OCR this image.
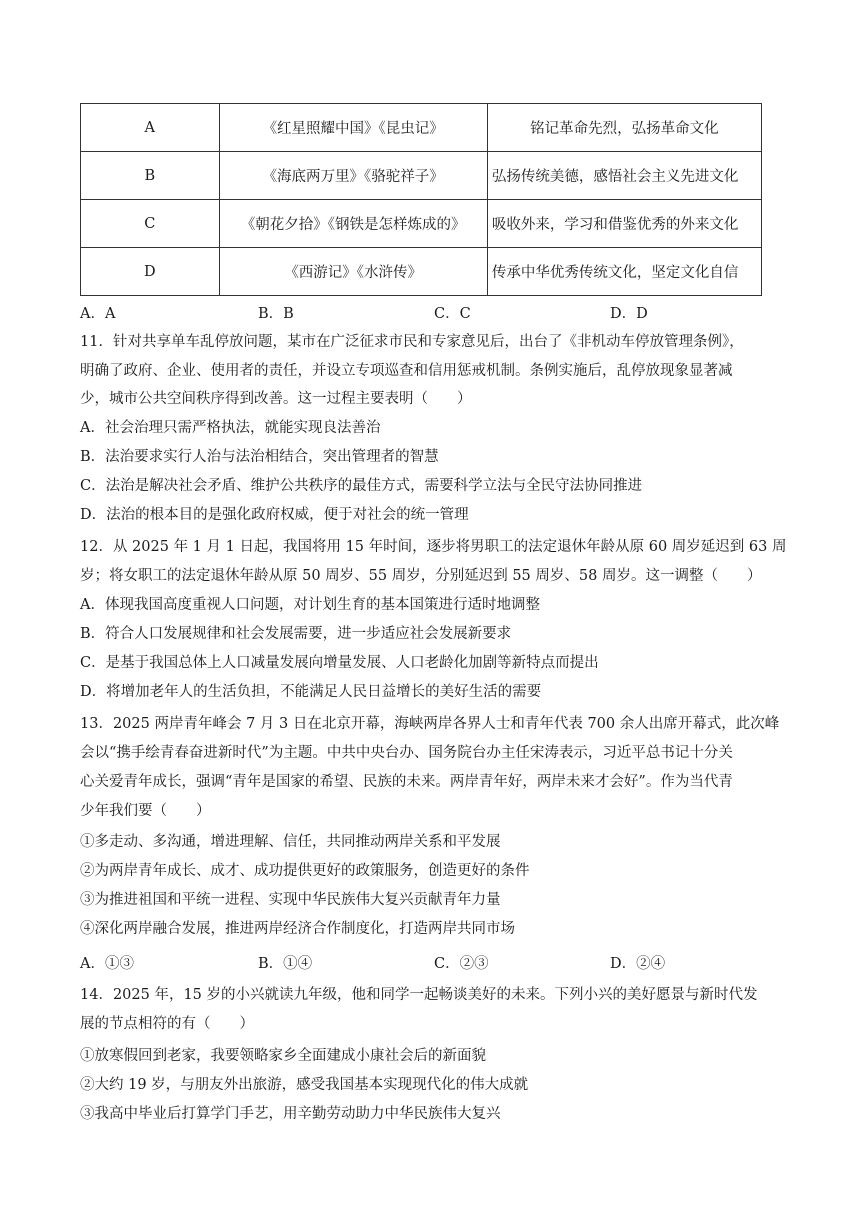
A	《红星照耀中国》《昆虫记》	铭记革命先烈，弘扬革命文化
B	《海底两万里》《骆驼祥子》	弘扬传统美德，感悟社会主义先进文化
C	《朝花夕拾》《钢铁是怎样炼成的》	吸收外来，学习和借鉴优秀的外来文化
D	《西游记》《水浒传》	传承中华优秀传统文化，坚定文化自信
A．A	B．B	C．C	D．D
11．针对共享单车乱停放问题，某市在广泛征求市民和专家意见后，出台了《非机动车停放管理条例》，
明确了政府、企业、使用者的责任，并设立专项巡查和信用惩戒机制。条例实施后，乱停放现象显著减
少，城市公共空间秩序得到改善。这一过程主要表明（　　）
A．社会治理只需严格执法，就能实现良法善治
B．法治要求实行人治与法治相结合，突出管理者的智慧
C．法治是解决社会矛盾、维护公共秩序的最佳方式，需要科学立法与全民守法协同推进
D．法治的根本目的是强化政府权威，便于对社会的统一管理
12．从 2025 年 1 月 1 日起，我国将用 15 年时间，逐步将男职工的法定退休年龄从原 60 周岁延迟到 63 周
岁；将女职工的法定退休年龄从原 50 周岁、55 周岁，分别延迟到 55 周岁、58 周岁。这一调整（　　）
A．体现我国高度重视人口问题，对计划生育的基本国策进行适时地调整
B．符合人口发展规律和社会发展需要，进一步适应社会发展新要求
C．是基于我国总体上人口减量发展向增量发展、人口老龄化加剧等新特点而提出
D．将增加老年人的生活负担，不能满足人民日益增长的美好生活的需要
13．2025 两岸青年峰会 7 月 3 日在北京开幕，海峡两岸各界人士和青年代表 700 余人出席开幕式，此次峰
会以“携手绘青春奋进新时代”为主题。中共中央台办、国务院台办主任宋涛表示，习近平总书记十分关
心关爱青年成长，强调“青年是国家的希望、民族的未来。两岸青年好，两岸未来才会好”。作为当代青
少年我们要（　　）
①多走动、多沟通，增进理解、信任，共同推动两岸关系和平发展
②为两岸青年成长、成才、成功提供更好的政策服务，创造更好的条件
③为推进祖国和平统一进程、实现中华民族伟大复兴贡献青年力量
④深化两岸融合发展，推进两岸经济合作制度化，打造两岸共同市场
A．①③	B．①④	C．②③	D．②④
14．2025 年，15 岁的小兴就读九年级，他和同学一起畅谈美好的未来。下列小兴的美好愿景与新时代发
展的节点相符的有（　　）
①放寒假回到老家，我要领略家乡全面建成小康社会后的新面貌
②大约 19 岁，与朋友外出旅游，感受我国基本实现现代化的伟大成就
③我高中毕业后打算学门手艺，用辛勤劳动助力中华民族伟大复兴
